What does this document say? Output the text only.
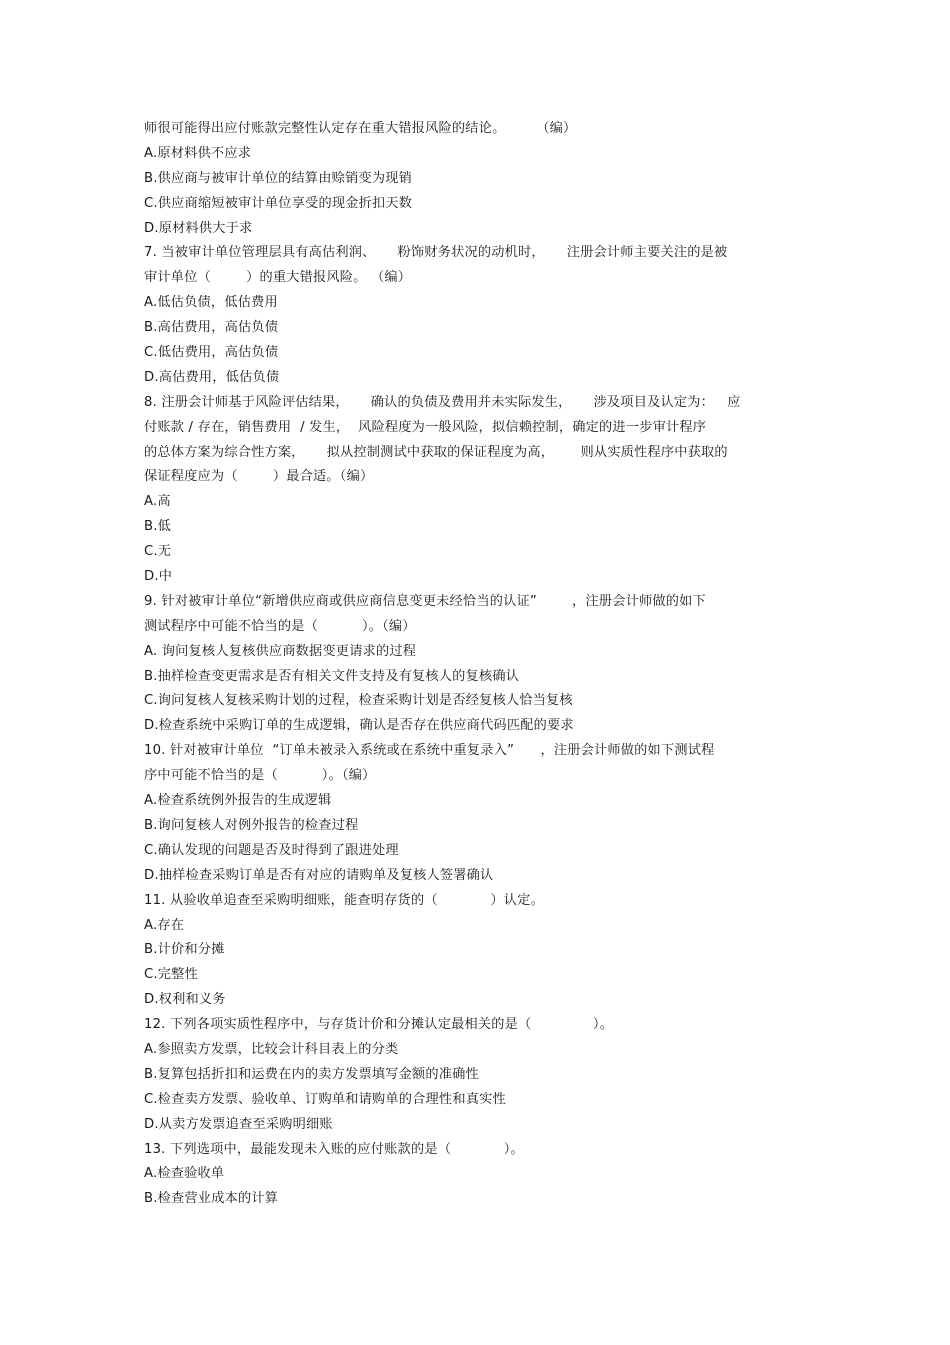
师很可能得出应付账款完整性认定存在重大错报风险的结论。       （编）
A.原材料供不应求
B.供应商与被审计单位的结算由赊销变为现销
C.供应商缩短被审计单位享受的现金折扣天数
D.原材料供大于求
7. 当被审计单位管理层具有高估利润、     粉饰财务状况的动机时，     注册会计师主要关注的是被
审计单位（        ）的重大错报风险。 （编）
A.低估负债，低估费用
B.高估费用，高估负债
C.低估费用，高估负债
D.高估费用，低估负债
8. 注册会计师基于风险评估结果，     确认的负债及费用并未实际发生，     涉及项目及认定为：   应
付账款 / 存在，销售费用  / 发生，  风险程度为一般风险，拟信赖控制，确定的进一步审计程序
的总体方案为综合性方案，     拟从控制测试中获取的保证程度为高，      则从实质性程序中获取的
保证程度应为（        ）最合适。（编）
A.高
B.低
C.无
D.中
9. 针对被审计单位“新增供应商或供应商信息变更未经恰当的认证”        ，注册会计师做的如下
测试程序中可能不恰当的是（          ）。（编）
A. 询问复核人复核供应商数据变更请求的过程
B.抽样检查变更需求是否有相关文件支持及有复核人的复核确认
C.询问复核人复核采购计划的过程，检查采购计划是否经复核人恰当复核
D.检查系统中采购订单的生成逻辑，确认是否存在供应商代码匹配的要求
10. 针对被审计单位  “订单未被录入系统或在系统中重复录入”      ，注册会计师做的如下测试程
序中可能不恰当的是（          ）。（编）
A.检查系统例外报告的生成逻辑
B.询问复核人对例外报告的检查过程
C.确认发现的问题是否及时得到了跟进处理
D.抽样检查采购订单是否有对应的请购单及复核人签署确认
11. 从验收单追查至采购明细账，能查明存货的（            ）认定。
A.存在
B.计价和分摊
C.完整性
D.权利和义务
12. 下列各项实质性程序中，与存货计价和分摊认定最相关的是（              ）。
A.参照卖方发票，比较会计科目表上的分类
B.复算包括折扣和运费在内的卖方发票填写金额的准确性
C.检查卖方发票、验收单、订购单和请购单的合理性和真实性
D.从卖方发票追查至采购明细账
13. 下列选项中，最能发现未入账的应付账款的是（            ）。
A.检查验收单
B.检查营业成本的计算
